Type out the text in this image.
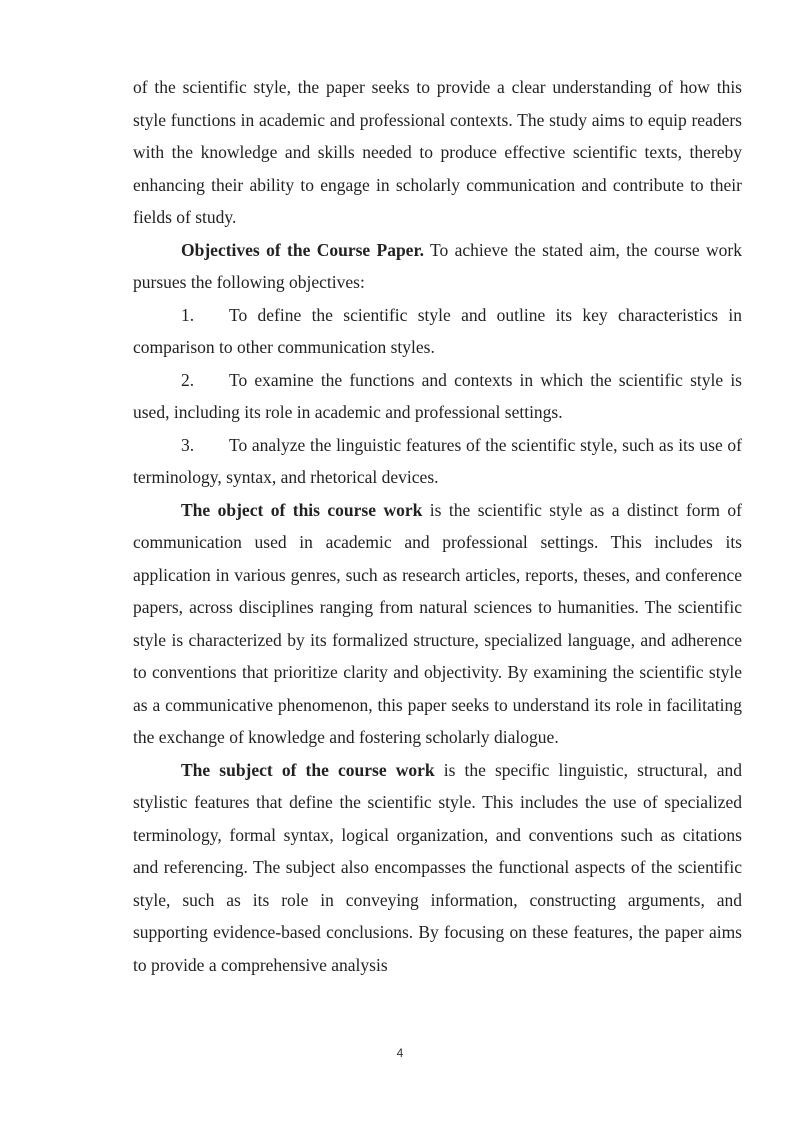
of the scientific style, the paper seeks to provide a clear understanding of how this style functions in academic and professional contexts. The study aims to equip readers with the knowledge and skills needed to produce effective scientific texts, thereby enhancing their ability to engage in scholarly communication and contribute to their fields of study.

Objectives of the Course Paper. To achieve the stated aim, the course work pursues the following objectives:

1. To define the scientific style and outline its key characteristics in comparison to other communication styles.

2. To examine the functions and contexts in which the scientific style is used, including its role in academic and professional settings.

3. To analyze the linguistic features of the scientific style, such as its use of terminology, syntax, and rhetorical devices.

The object of this course work is the scientific style as a distinct form of communication used in academic and professional settings. This includes its application in various genres, such as research articles, reports, theses, and conference papers, across disciplines ranging from natural sciences to humanities. The scientific style is characterized by its formalized structure, specialized language, and adherence to conventions that prioritize clarity and objectivity. By examining the scientific style as a communicative phenomenon, this paper seeks to understand its role in facilitating the exchange of knowledge and fostering scholarly dialogue.

The subject of the course work is the specific linguistic, structural, and stylistic features that define the scientific style. This includes the use of specialized terminology, formal syntax, logical organization, and conventions such as citations and referencing. The subject also encompasses the functional aspects of the scientific style, such as its role in conveying information, constructing arguments, and supporting evidence-based conclusions. By focusing on these features, the paper aims to provide a comprehensive analysis

4
